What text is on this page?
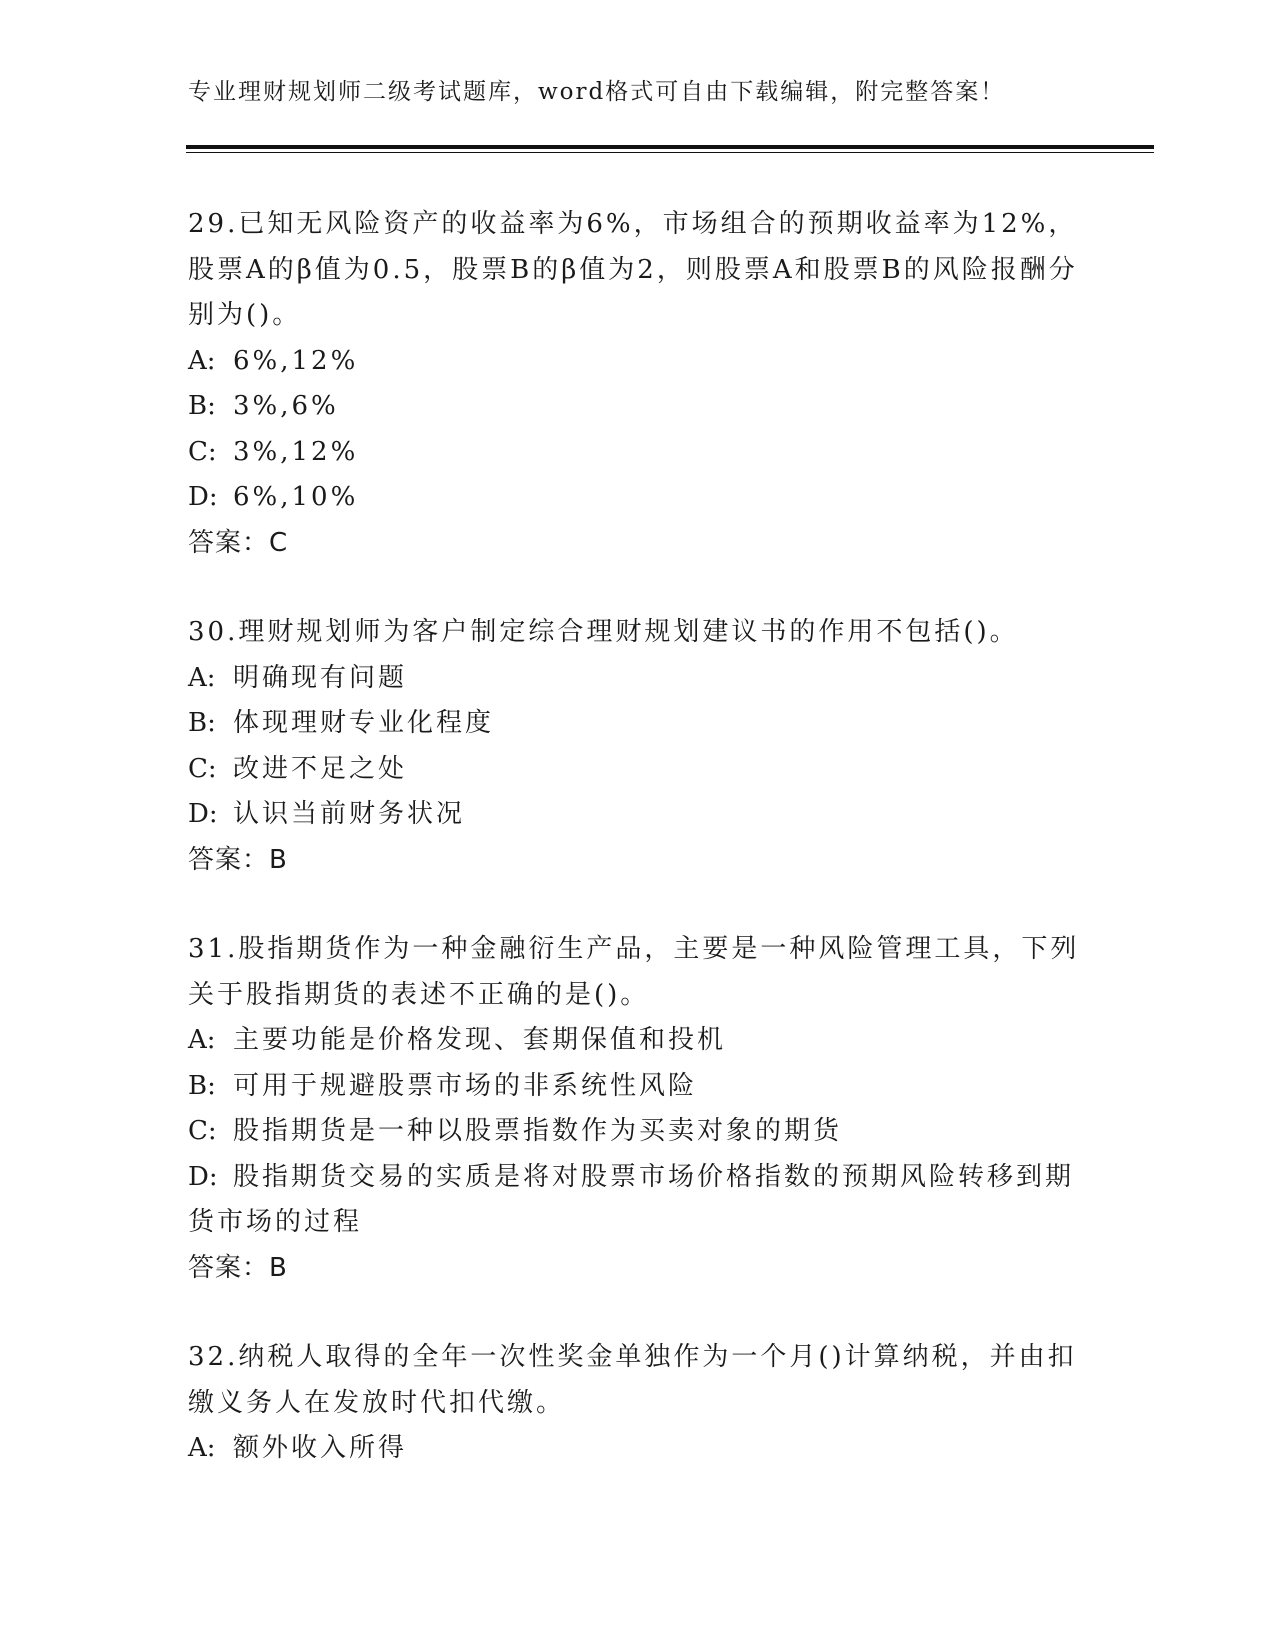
专业理财规划师二级考试题库，word格式可自由下载编辑，附完整答案！
29.已知无风险资产的收益率为6%，市场组合的预期收益率为12%，股票A的β值为0.5，股票B的β值为2，则股票A和股票B的风险报酬分别为()。
A: 6%,12%
B: 3%,6%
C: 3%,12%
D: 6%,10%
答案：C
30.理财规划师为客户制定综合理财规划建议书的作用不包括()。
A: 明确现有问题
B: 体现理财专业化程度
C: 改进不足之处
D: 认识当前财务状况
答案：B
31.股指期货作为一种金融衍生产品，主要是一种风险管理工具，下列关于股指期货的表述不正确的是()。
A: 主要功能是价格发现、套期保值和投机
B: 可用于规避股票市场的非系统性风险
C: 股指期货是一种以股票指数作为买卖对象的期货
D: 股指期货交易的实质是将对股票市场价格指数的预期风险转移到期货市场的过程
答案：B
32.纳税人取得的全年一次性奖金单独作为一个月()计算纳税，并由扣缴义务人在发放时代扣代缴。
A: 额外收入所得
